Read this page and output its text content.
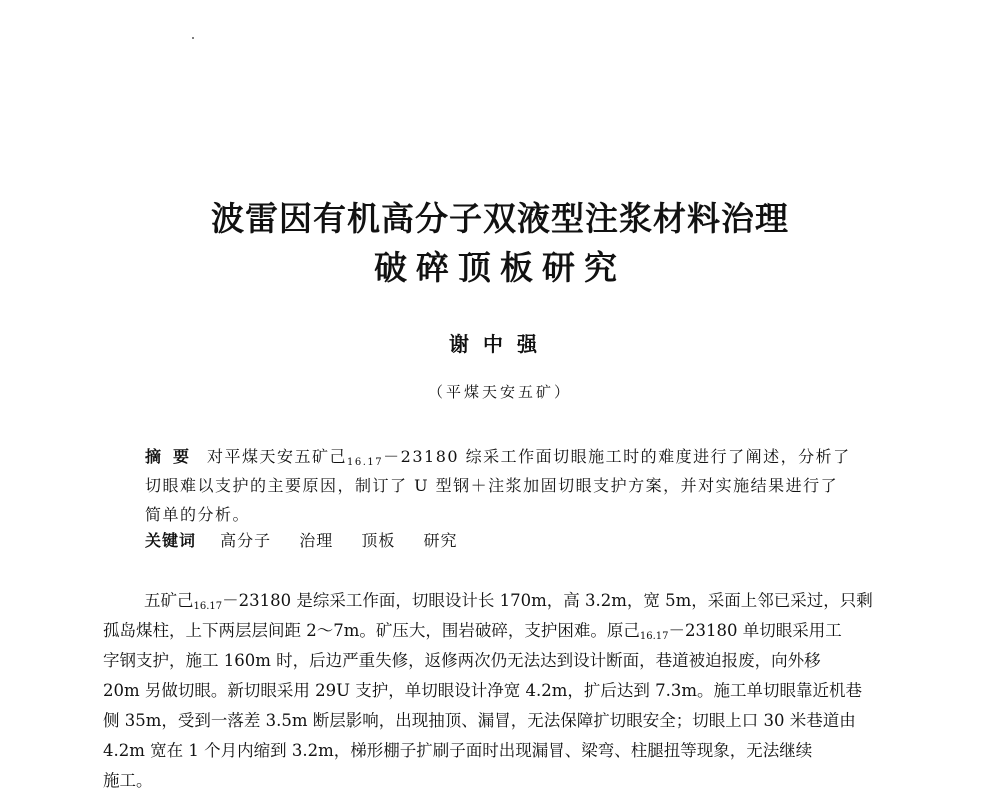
波雷因有机高分子双液型注浆材料治理
破碎顶板研究
谢中强
（平煤天安五矿）
摘要 对平煤天安五矿己$_{16.17}$－23180 综采工作面切眼施工时的难度进行了阐述，分析了
切眼难以支护的主要原因，制订了 U 型钢＋注浆加固切眼支护方案，并对实施结果进行了
简单的分析。
关键词 高分子 治理 顶板 研究
五矿己$_{16.17}$－23180 是综采工作面，切眼设计长 170m，高 3.2m，宽 5m，采面上邻已采过，只剩
孤岛煤柱，上下两层层间距 2～7m。矿压大，围岩破碎，支护困难。原己$_{16.17}$－23180 单切眼采用工
字钢支护，施工 160m 时，后边严重失修，返修两次仍无法达到设计断面，巷道被迫报废，向外移
20m 另做切眼。新切眼采用 29U 支护，单切眼设计净宽 4.2m，扩后达到 7.3m。施工单切眼靠近机巷
侧 35m，受到一落差 3.5m 断层影响，出现抽顶、漏冒，无法保障扩切眼安全；切眼上口 30 米巷道由
4.2m 宽在 1 个月内缩到 3.2m，梯形棚子扩刷子面时出现漏冒、梁弯、柱腿扭等现象，无法继续
施工。
